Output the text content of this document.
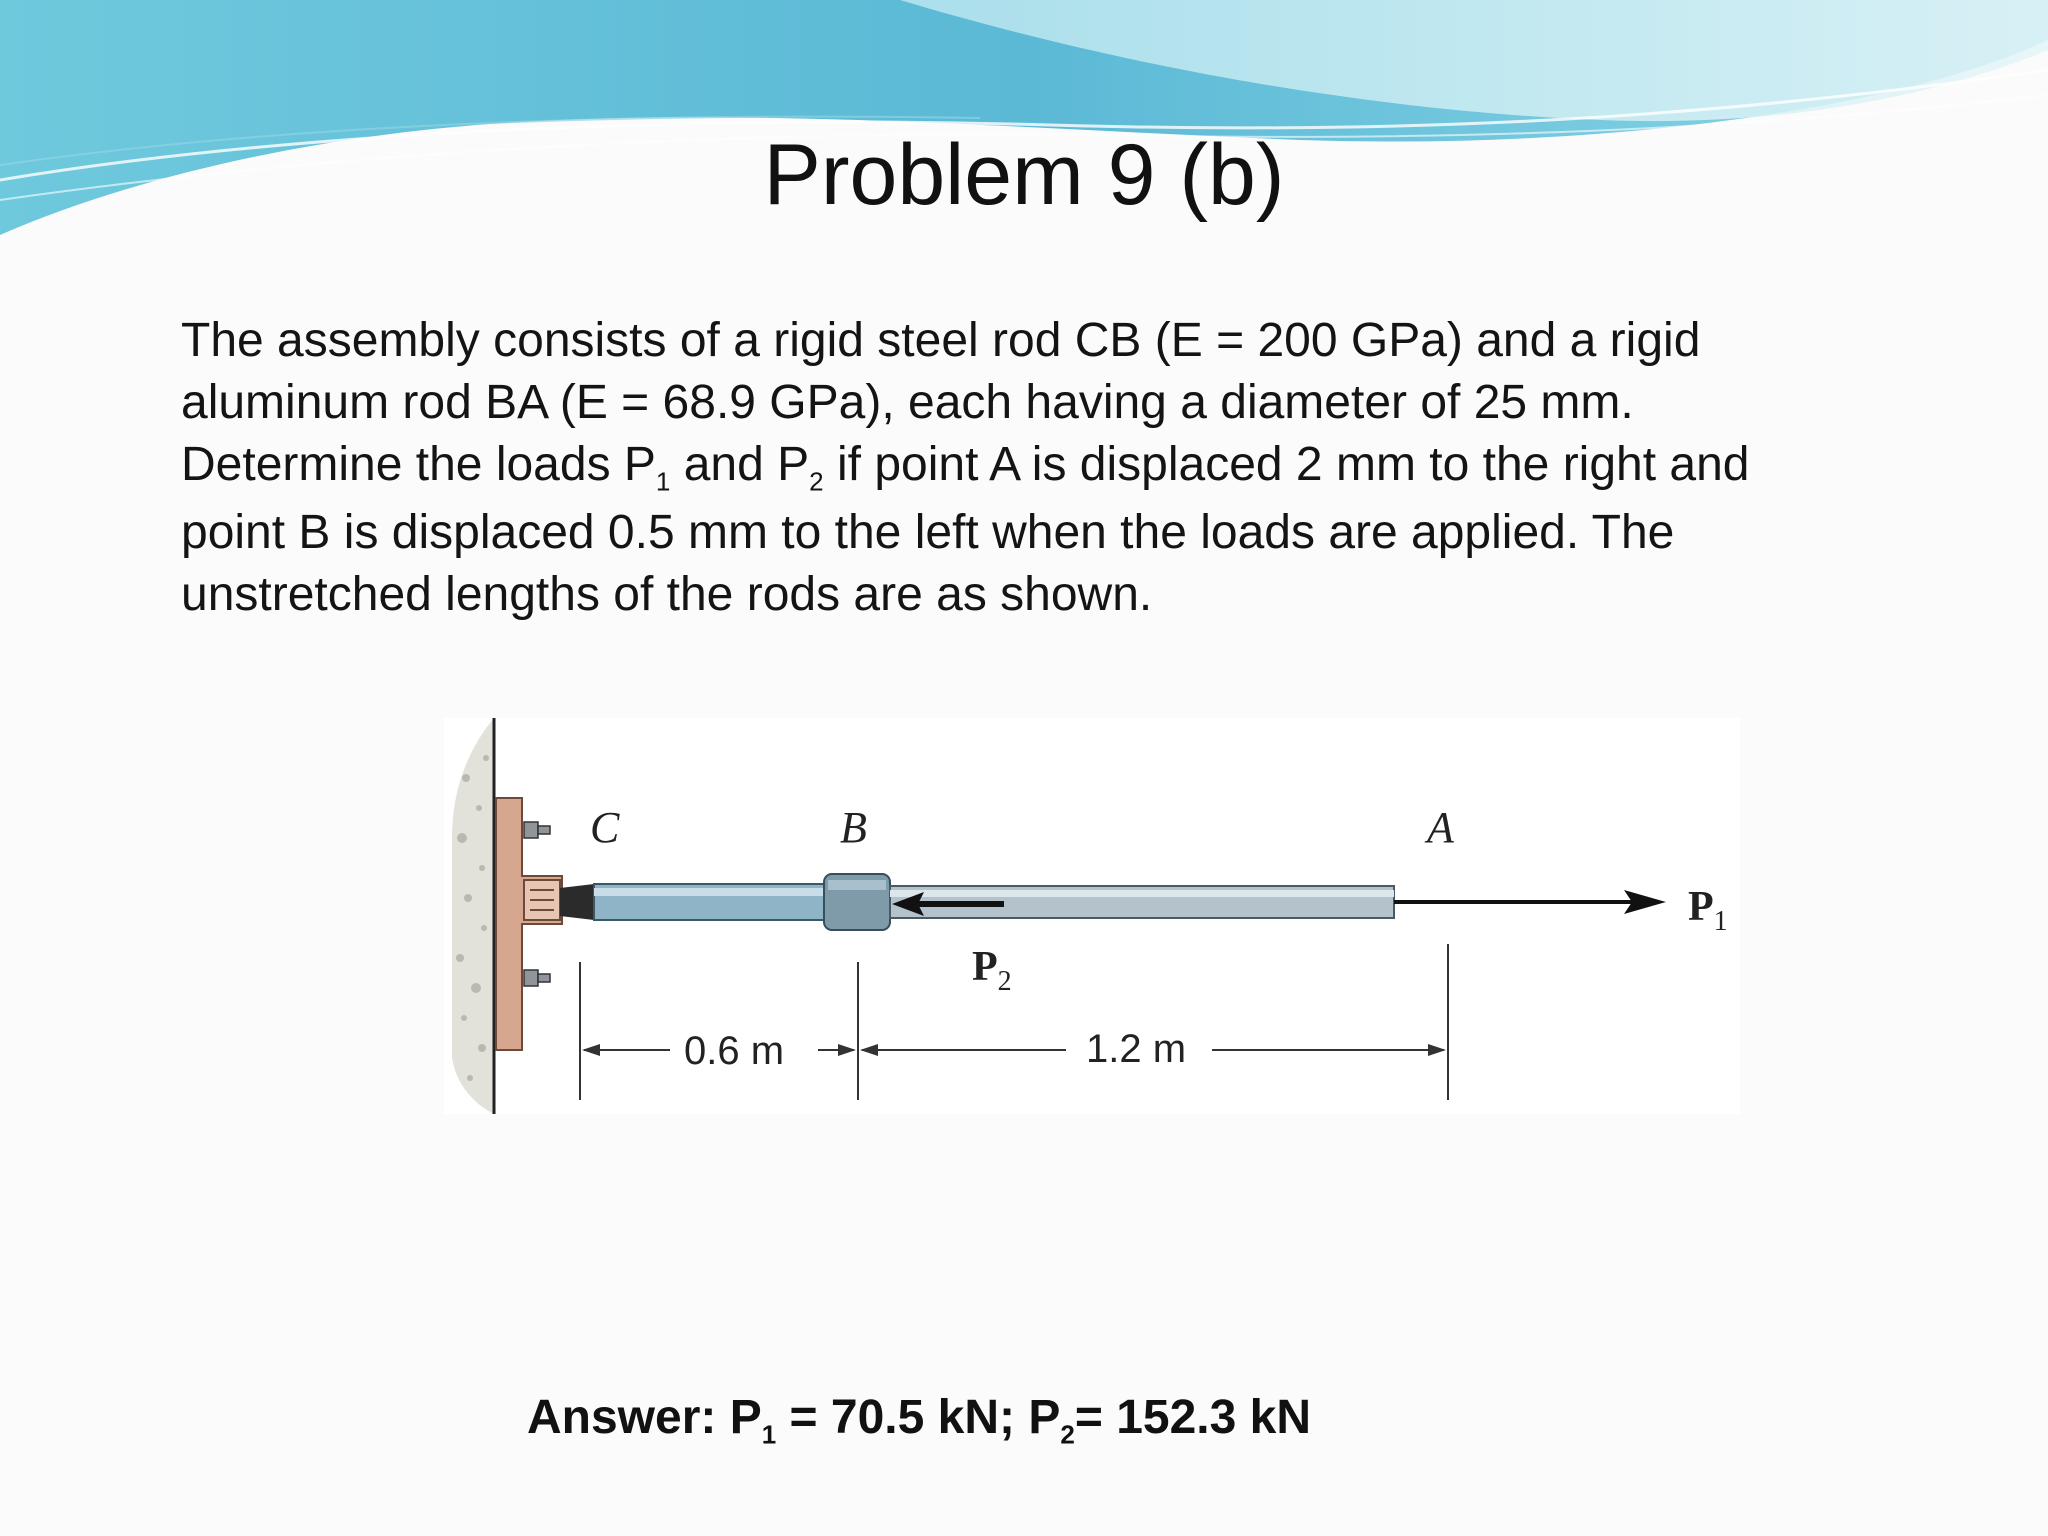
Problem 9 (b)
The assembly consists of a rigid steel rod CB (E = 200 GPa) and a rigid
aluminum rod BA (E = 68.9 GPa), each having a diameter of 25 mm.
Determine the loads $P_1$ and $P_2$ if point A is displaced 2 mm to the right and
point B is displaced 0.5 mm to the left when the loads are applied. The
unstretched lengths of the rods are as shown.
C	B	A
$P_1$
$P_2$
0.6 m	1.2 m
Answer: $P_1 = 70.5$ kN; $P_2= 152.3$ kN
